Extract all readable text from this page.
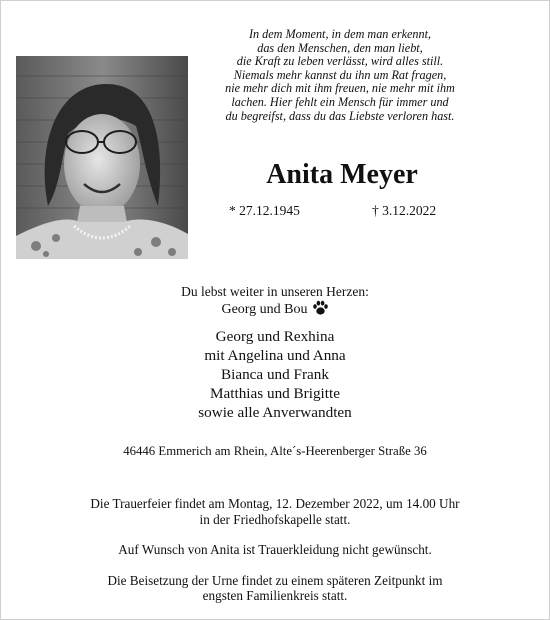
In dem Moment, in dem man erkennt,
das den Menschen, den man liebt,
die Kraft zu leben verlässt, wird alles still.
Niemals mehr kannst du ihn um Rat fragen,
nie mehr dich mit ihm freuen, nie mehr mit ihm
lachen. Hier fehlt ein Mensch für immer und
du begreifst, dass du das Liebste verloren hast.
Anita Meyer
* 27.12.1945	† 3.12.2022
Du lebst weiter in unseren Herzen:
Georg und Bou
Georg und Rexhina
mit Angelina und Anna
Bianca und Frank
Matthias und Brigitte
sowie alle Anverwandten
46446 Emmerich am Rhein, Alte´s-Heerenberger Straße 36

Die Trauerfeier findet am Montag, 12. Dezember 2022, um 14.00 Uhr
in der Friedhofskapelle statt.

Auf Wunsch von Anita ist Trauerkleidung nicht gewünscht.

Die Beisetzung der Urne findet zu einem späteren Zeitpunkt im
engsten Familienkreis statt.
